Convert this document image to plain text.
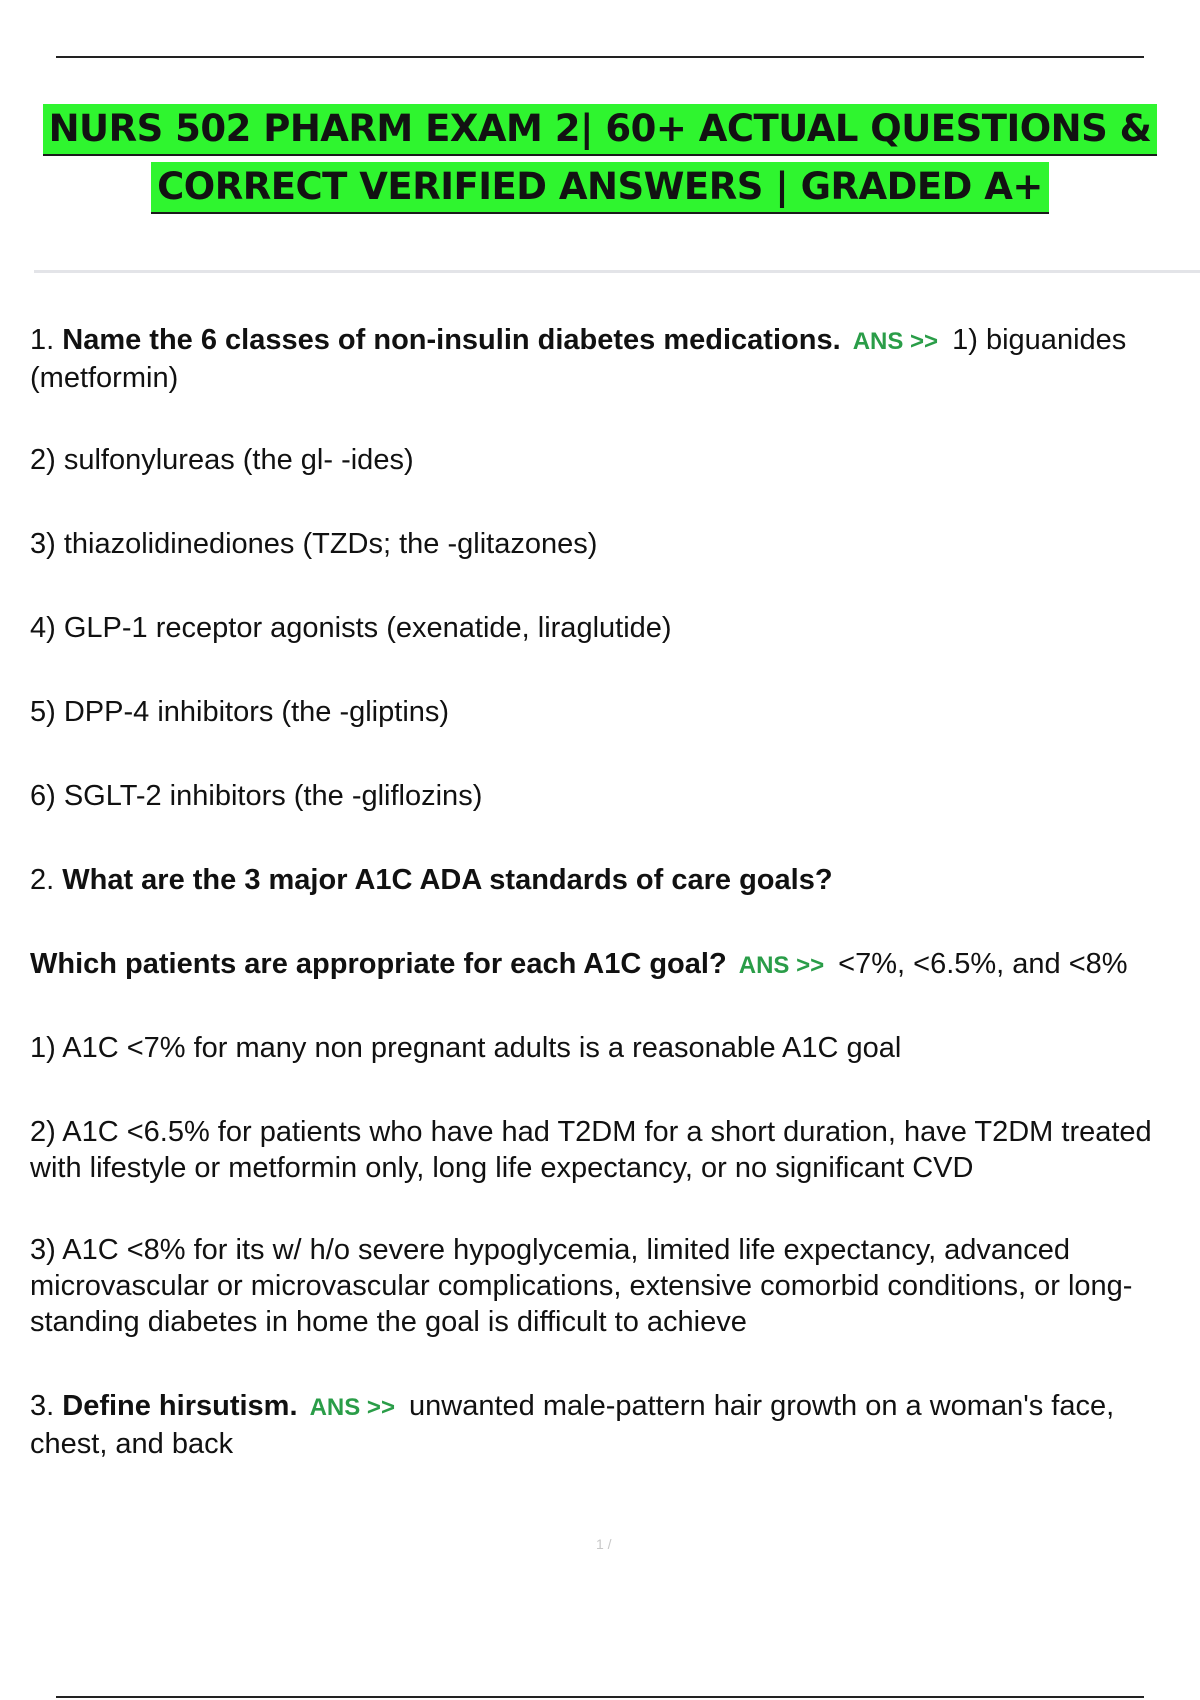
NURS 502 PHARM EXAM 2| 60+ ACTUAL QUESTIONS &
CORRECT VERIFIED ANSWERS | GRADED A+

1. Name the 6 classes of non-insulin diabetes medications. ANS >> 1) biguanides (metformin)

2) sulfonylureas (the gl- -ides)

3) thiazolidinediones (TZDs; the -glitazones)

4) GLP-1 receptor agonists (exenatide, liraglutide)

5) DPP-4 inhibitors (the -gliptins)

6) SGLT-2 inhibitors (the -gliflozins)

2. What are the 3 major A1C ADA standards of care goals?

Which patients are appropriate for each A1C goal? ANS >> <7%, <6.5%, and <8%

1) A1C <7% for many non pregnant adults is a reasonable A1C goal

2) A1C <6.5% for patients who have had T2DM for a short duration, have T2DM treated with lifestyle or metformin only, long life expectancy, or no significant CVD

3) A1C <8% for its w/ h/o severe hypoglycemia, limited life expectancy, advanced microvascular or microvascular complications, extensive comorbid conditions, or long-standing diabetes in home the goal is difficult to achieve

3. Define hirsutism. ANS >> unwanted male-pattern hair growth on a woman's face, chest, and back

1 /
